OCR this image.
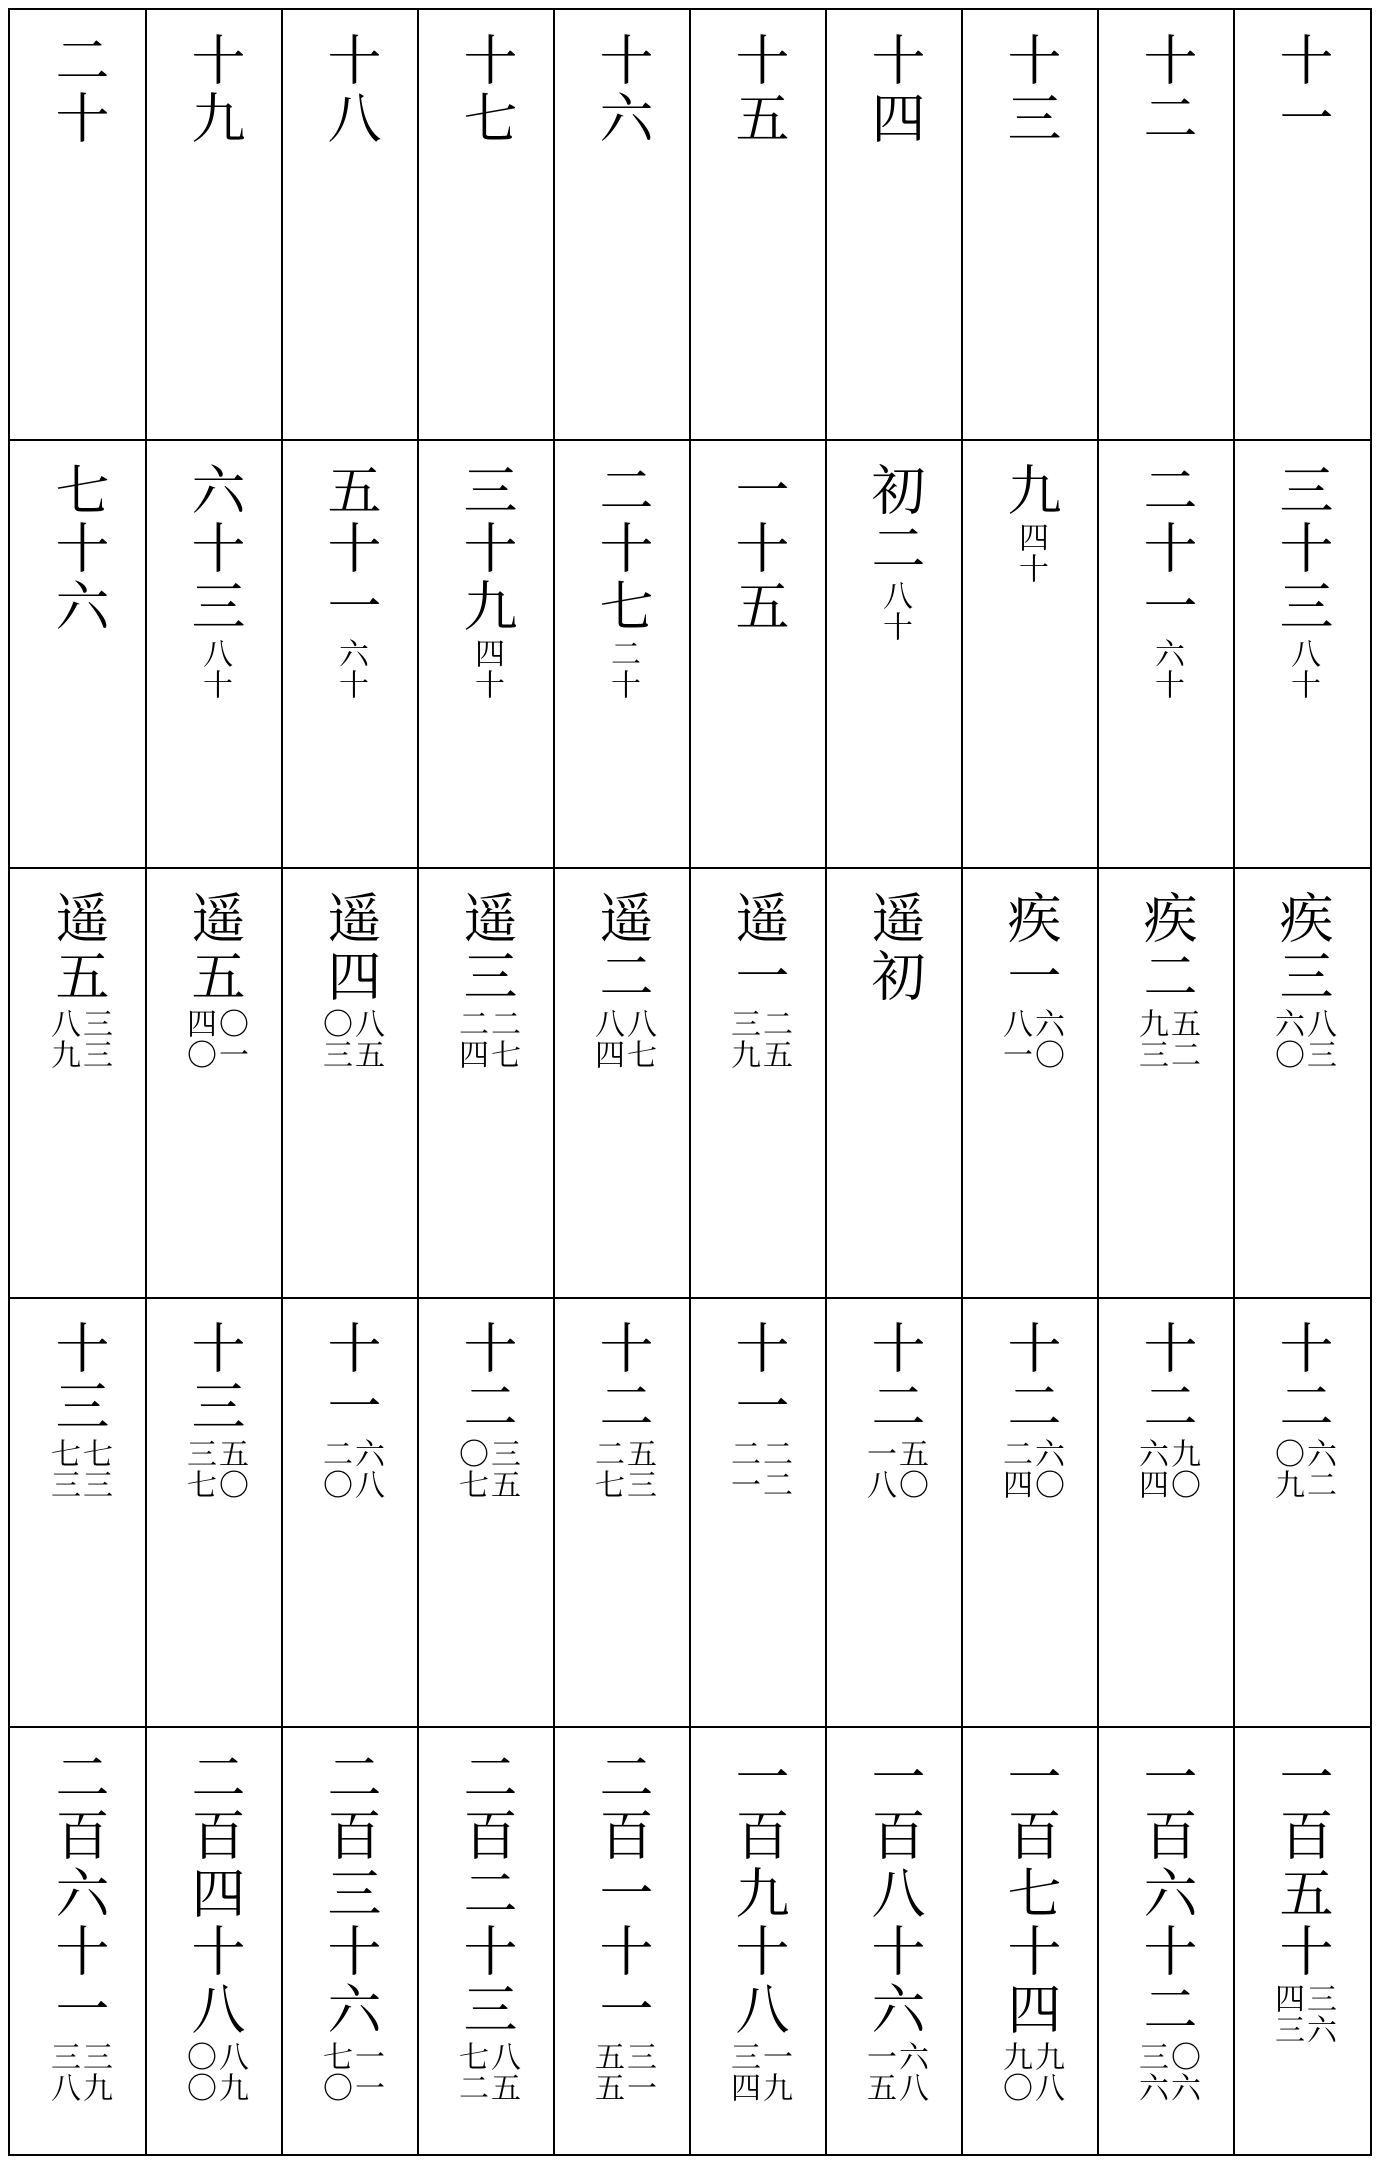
十一
三十三
八十
疾三
八三
六〇
十二
六二
〇九
一百五十
三六
四三
十二
二十一
六十
疾二
五二
九三
十二
九〇
六四
一百六十二
〇六
三六
十三
九
四十
疾一
六〇
八一
十二
六〇
二四
一百七十四
九八
九〇
十四
初二
八十
遥初
十二
五〇
一八
一百八十六
六八
一五
十五
一十五
遥一
二五
三九
十一
二二
二一
一百九十八
一九
三四
十六
二十七
二十
遥二
八七
八四
十二
五三
二七
二百一十一
三一
五五
十七
三十九
四十
遥三
二七
二四
十二
三五
〇七
二百二十三
八五
七二
十八
五十一
六十
遥四
八五
〇三
十一
六八
二〇
二百三十六
一一
七〇
十九
六十三
八十
遥五
〇一
四〇
十三
五〇
三七
二百四十八
八九
〇〇
二十
七十六
遥五
三三
八九
十三
七三
七三
二百六十一
三九
三八
